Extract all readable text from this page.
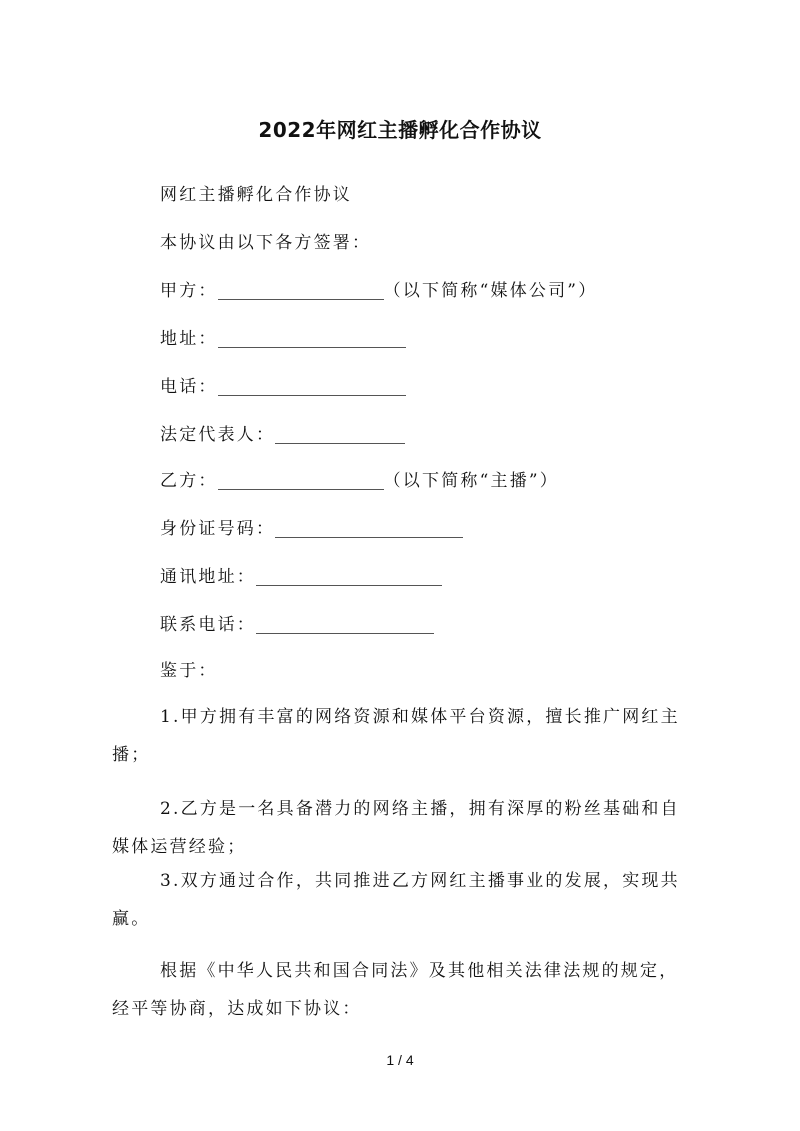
2022年网红主播孵化合作协议
网红主播孵化合作协议
本协议由以下各方签署：
甲方：	（以下简称“媒体公司”）
地址：
电话：
法定代表人：
乙方：	（以下简称“主播”）
身份证号码：
通讯地址：
联系电话：
鉴于：
1.甲方拥有丰富的网络资源和媒体平台资源，擅长推广网红主播；
2.乙方是一名具备潜力的网络主播，拥有深厚的粉丝基础和自媒体运营经验；
3.双方通过合作，共同推进乙方网红主播事业的发展，实现共赢。
根据《中华人民共和国合同法》及其他相关法律法规的规定，经平等协商，达成如下协议：
1 / 4
